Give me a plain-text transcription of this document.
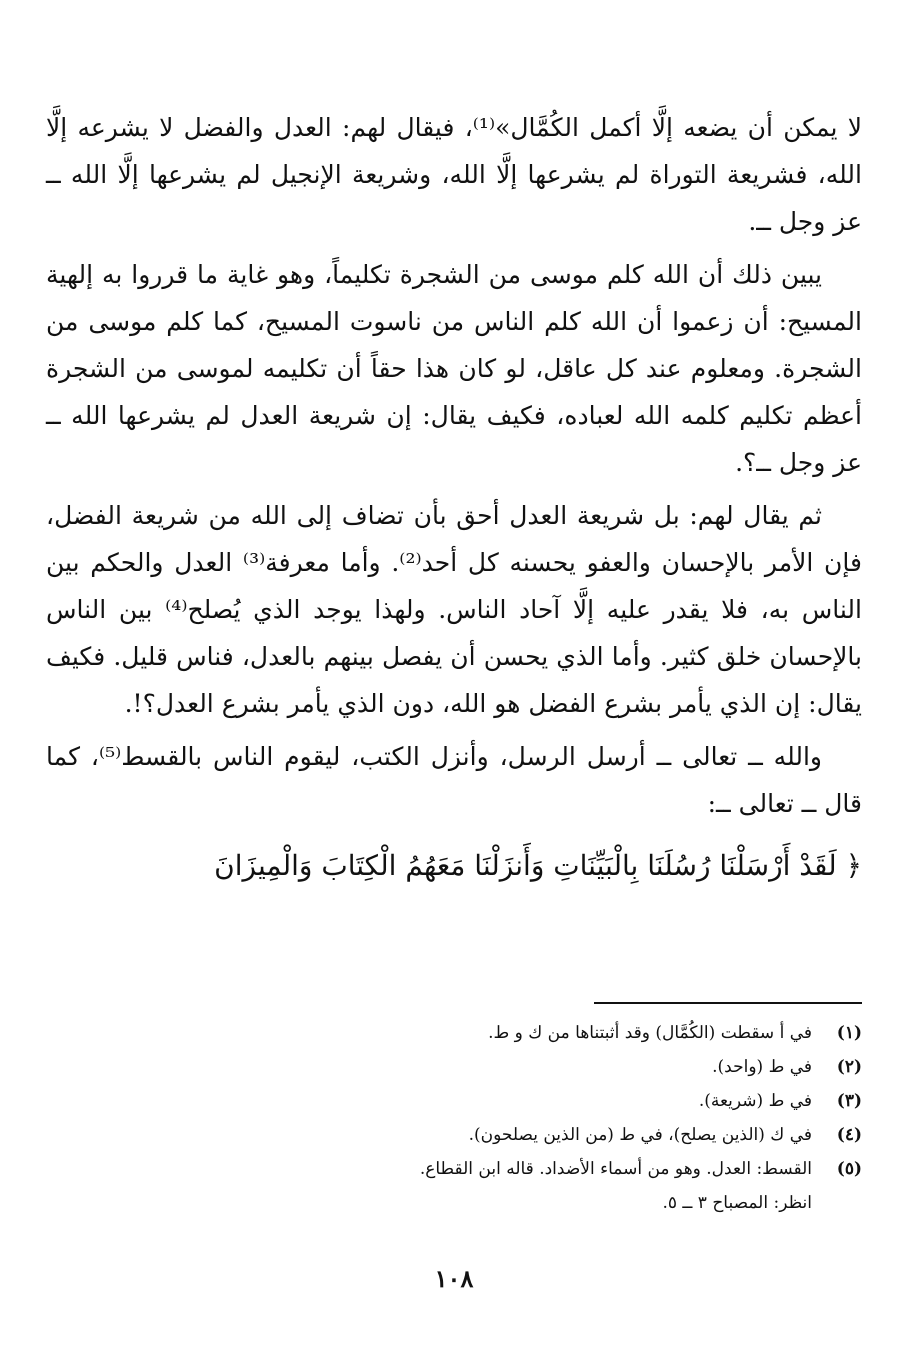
لا يمكن أن يضعه إلَّا أكمل الكُمَّال»⁽¹⁾، فيقال لهم: العدل والفضل لا يشرعه إلَّا الله، فشريعة التوراة لم يشرعها إلَّا الله، وشريعة الإنجيل لم يشرعها إلَّا الله ــ عز وجل ــ.

يبين ذلك أن الله كلم موسى من الشجرة تكليماً، وهو غاية ما قرروا به إلهية المسيح: أن زعموا أن الله كلم الناس من ناسوت المسيح، كما كلم موسى من الشجرة. ومعلوم عند كل عاقل، لو كان هذا حقاً أن تكليمه لموسى من الشجرة أعظم تكليم كلمه الله لعباده، فكيف يقال: إن شريعة العدل لم يشرعها الله ــ عز وجل ــ؟.

ثم يقال لهم: بل شريعة العدل أحق بأن تضاف إلى الله من شريعة الفضل، فإن الأمر بالإحسان والعفو يحسنه كل أحد⁽²⁾. وأما معرفة⁽³⁾ العدل والحكم بين الناس به، فلا يقدر عليه إلَّا آحاد الناس. ولهذا يوجد الذي يُصلح⁽⁴⁾ بين الناس بالإحسان خلق كثير. وأما الذي يحسن أن يفصل بينهم بالعدل، فناس قليل. فكيف يقال: إن الذي يأمر بشرع الفضل هو الله، دون الذي يأمر بشرع العدل؟!.

والله ــ تعالى ــ أرسل الرسل، وأنزل الكتب، ليقوم الناس بالقسط⁽⁵⁾، كما قال ــ تعالى ــ:

﴿ لَقَدْ أَرْسَلْنَا رُسُلَنَا بِالْبَيِّنَاتِ وَأَنزَلْنَا مَعَهُمُ الْكِتَابَ وَالْمِيزَانَ
(١)
في أ سقطت (الكُمَّال) وقد أثبتناها من ك و ط.
(٢)
في ط (واحد).
(٣)
في ط (شريعة).
(٤)
في ك (الذين يصلح)، في ط (من الذين يصلحون).
(٥)
القسط: العدل. وهو من أسماء الأضداد. قاله ابن القطاع.
انظر: المصباح ٣ ــ ٥.
١٠٨
